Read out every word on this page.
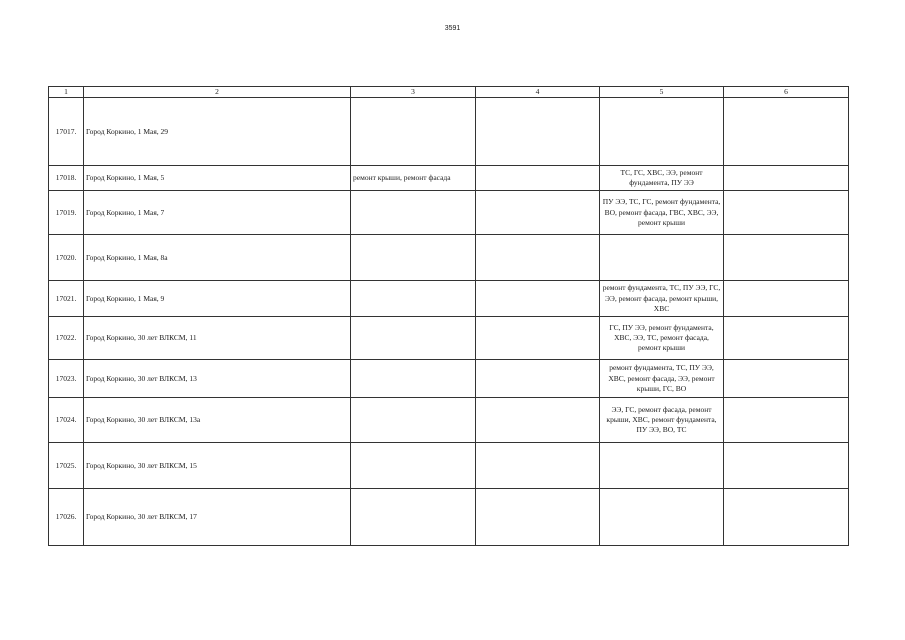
3591
1	2	3	4	5	6
17017.	Город Коркино, 1 Мая, 29				
17018.	Город Коркино, 1 Мая, 5	ремонт крыши, ремонт фасада		ТС, ГС, ХВС, ЭЭ, ремонт фундамента, ПУ ЭЭ	
17019.	Город Коркино, 1 Мая, 7			ПУ ЭЭ, ТС, ГС, ремонт фундамента, ВО, ремонт фасада, ГВС, ХВС, ЭЭ, ремонт крыши	
17020.	Город Коркино, 1 Мая, 8а				
17021.	Город Коркино, 1 Мая, 9			ремонт фундамента, ТС, ПУ ЭЭ, ГС, ЭЭ, ремонт фасада, ремонт крыши, ХВС	
17022.	Город Коркино, 30 лет ВЛКСМ, 11			ГС, ПУ ЭЭ, ремонт фундамента, ХВС, ЭЭ, ТС, ремонт фасада, ремонт крыши	
17023.	Город Коркино, 30 лет ВЛКСМ, 13			ремонт фундамента, ТС, ПУ ЭЭ, ХВС, ремонт фасада, ЭЭ, ремонт крыши, ГС, ВО	
17024.	Город Коркино, 30 лет ВЛКСМ, 13а			ЭЭ, ГС, ремонт фасада, ремонт крыши, ХВС, ремонт фундамента, ПУ ЭЭ, ВО, ТС	
17025.	Город Коркино, 30 лет ВЛКСМ, 15				
17026.	Город Коркино, 30 лет ВЛКСМ, 17				
